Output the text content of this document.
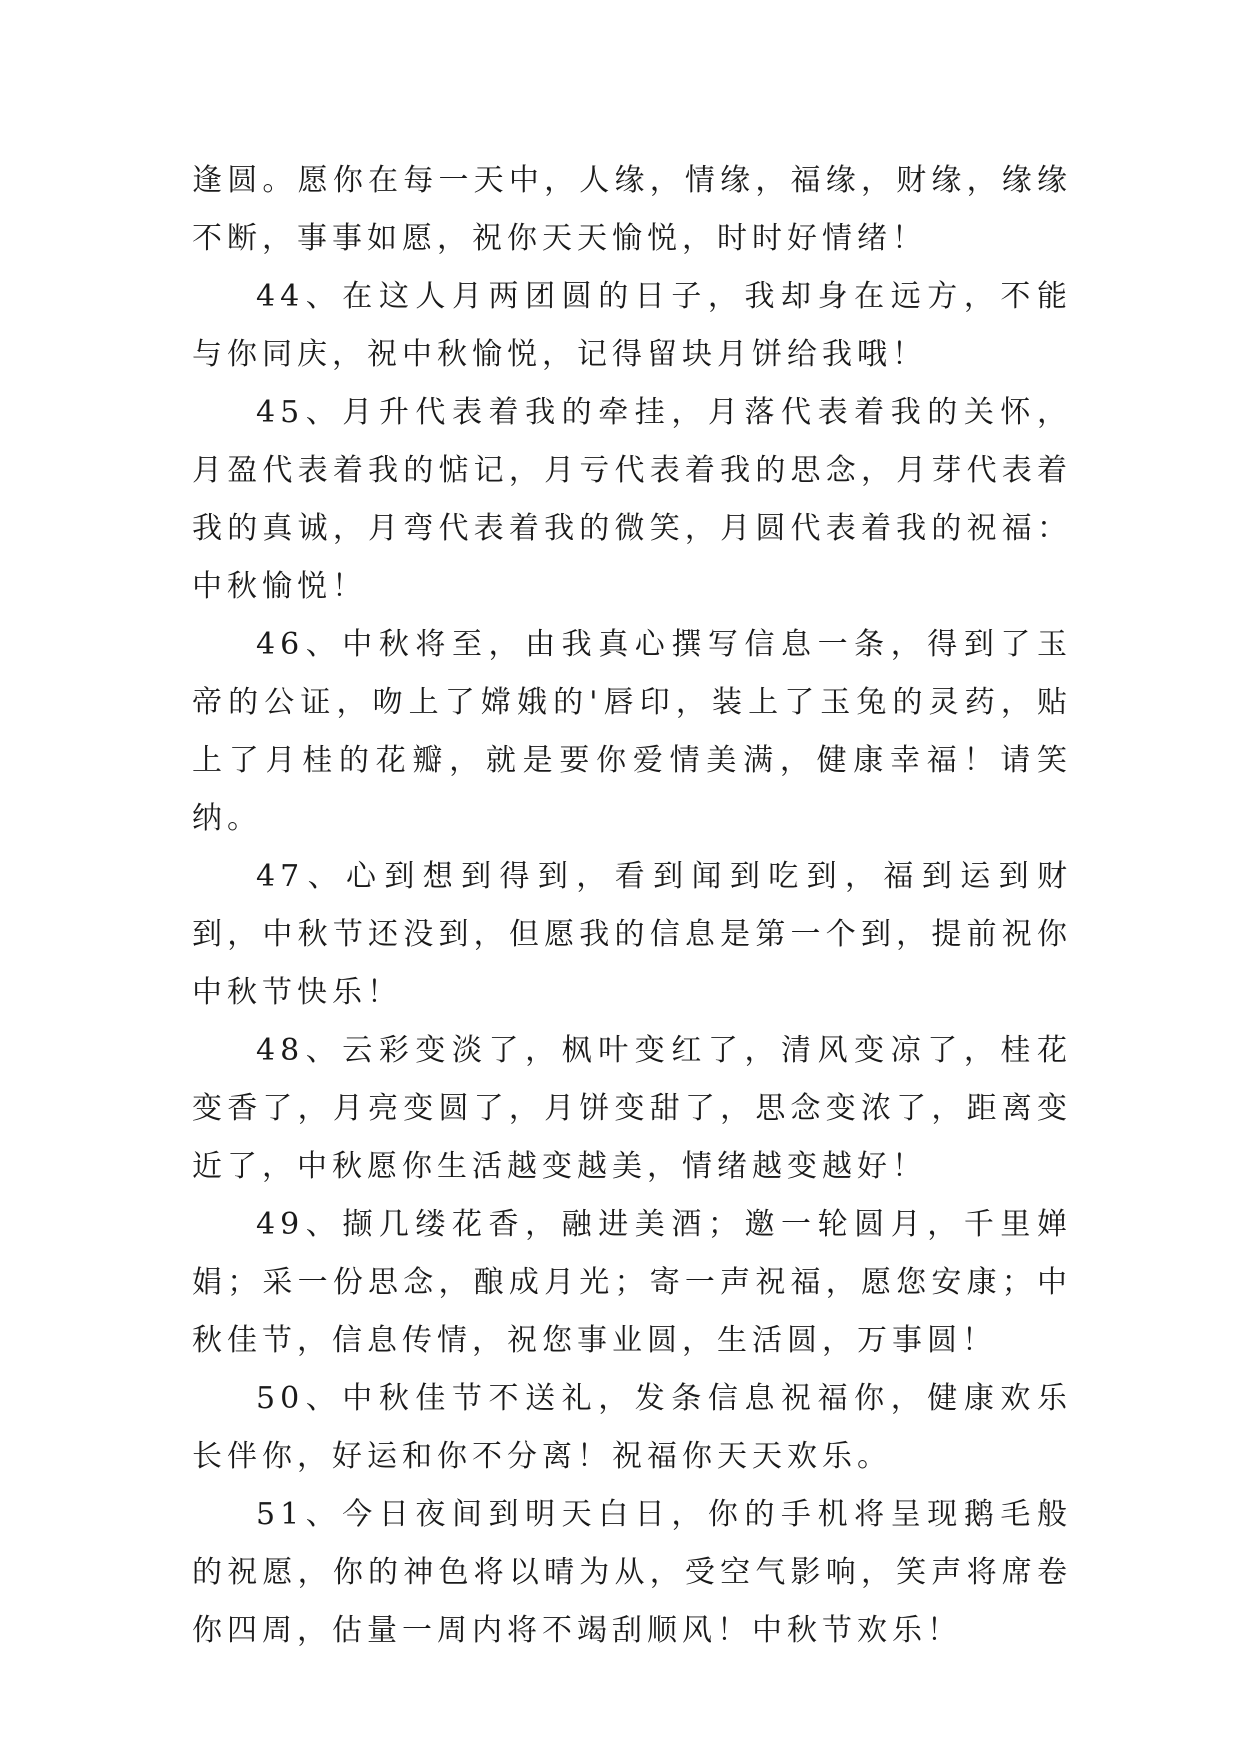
逢圆。愿你在每一天中，人缘，情缘，福缘，财缘，缘缘不断，事事如愿，祝你天天愉悦，时时好情绪！

44、在这人月两团圆的日子，我却身在远方，不能与你同庆，祝中秋愉悦，记得留块月饼给我哦！

45、月升代表着我的牵挂，月落代表着我的关怀，月盈代表着我的惦记，月亏代表着我的思念，月芽代表着我的真诚，月弯代表着我的微笑，月圆代表着我的祝福：中秋愉悦！

46、中秋将至，由我真心撰写信息一条，得到了玉帝的公证，吻上了嫦娥的'唇印，装上了玉兔的灵药，贴上了月桂的花瓣，就是要你爱情美满，健康幸福！请笑纳。

47、心到想到得到，看到闻到吃到，福到运到财到，中秋节还没到，但愿我的信息是第一个到，提前祝你中秋节快乐！

48、云彩变淡了，枫叶变红了，清风变凉了，桂花变香了，月亮变圆了，月饼变甜了，思念变浓了，距离变近了，中秋愿你生活越变越美，情绪越变越好！

49、撷几缕花香，融进美酒；邀一轮圆月，千里婵娟；采一份思念，酿成月光；寄一声祝福，愿您安康；中秋佳节，信息传情，祝您事业圆，生活圆，万事圆！

50、中秋佳节不送礼，发条信息祝福你，健康欢乐长伴你，好运和你不分离！祝福你天天欢乐。

51、今日夜间到明天白日，你的手机将呈现鹅毛般的祝愿，你的神色将以晴为从，受空气影响，笑声将席卷你四周，估量一周内将不竭刮顺风！中秋节欢乐！
